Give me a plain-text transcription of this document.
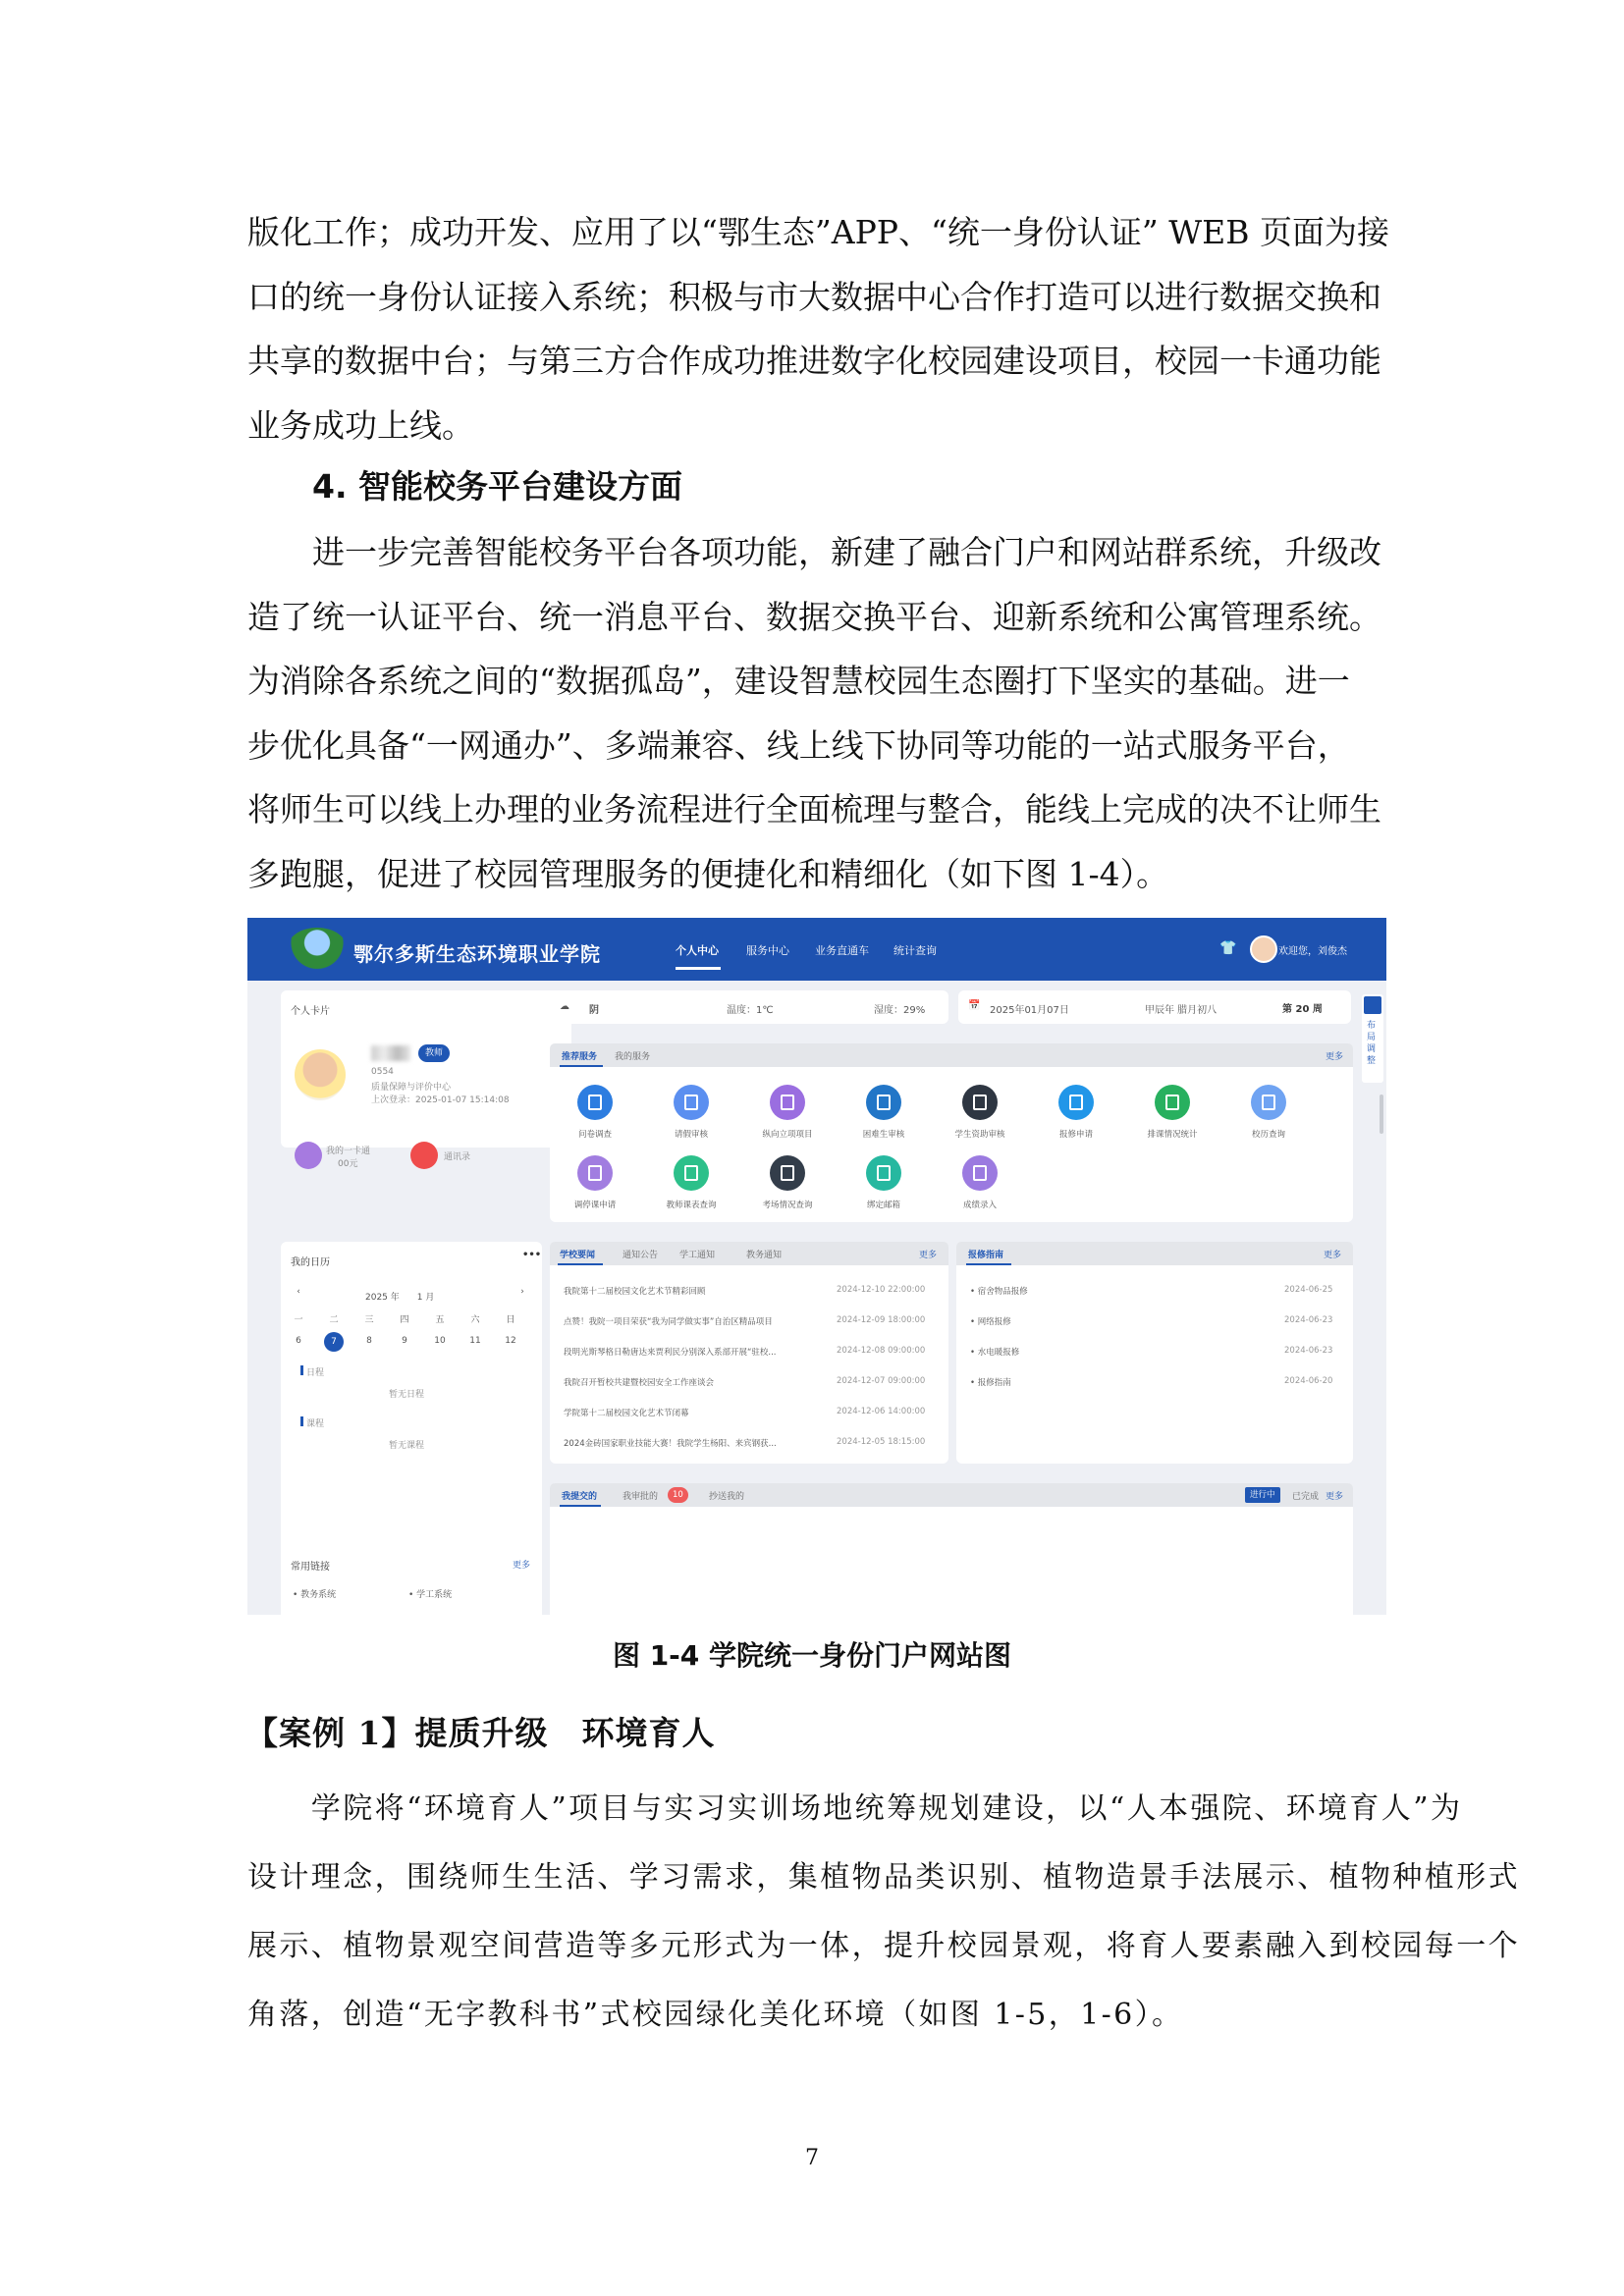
版化工作；成功开发、应用了以“鄂生态”APP、“统一身份认证” WEB 页面为接
口的统一身份认证接入系统；积极与市大数据中心合作打造可以进行数据交换和
共享的数据中台；与第三方合作成功推进数字化校园建设项目，校园一卡通功能
业务成功上线。

4. 智能校务平台建设方面

　　进一步完善智能校务平台各项功能，新建了融合门户和网站群系统，升级改
造了统一认证平台、统一消息平台、数据交换平台、迎新系统和公寓管理系统。
为消除各系统之间的“数据孤岛”，建设智慧校园生态圈打下坚实的基础。进一
步优化具备“一网通办”、多端兼容、线上线下协同等功能的一站式服务平台，
将师生可以线上办理的业务流程进行全面梳理与整合，能线上完成的决不让师生
多跑腿，促进了校园管理服务的便捷化和精细化（如下图 1-4）。

鄂尔多斯生态环境职业学院	个人中心	服务中心 业务直通车 统计查询	👕	欢迎您，刘俊杰
个人卡片
教师
0554
质量保障与评价中心
上次登录：2025-01-07 15:14:08
我的一卡通
00元
通讯录
☁ 阴	温度：1℃	湿度：29%	📅 2025年01月07日	甲辰年 腊月初八	第 20 周
布局调整
推荐服务 我的服务	更多
问卷调查	请假审核	纵向立项项目	困难生审核	学生资助审核	报修申请	排课情况统计	校历查询
调停课申请	教师课表查询	考场情况查询	绑定邮箱	成绩录入
我的日历
•••
‹
2025 年　　1 月
›
一	二	三	四	五	六	日
6	7	8	9	10	11	12
日程
暂无日程
课程
暂无课程
常用链接	更多
• 教务系统	• 学工系统
学校要闻	通知公告 学工通知	教务通知	更多
我院第十二届校园文化艺术节精彩回顾	2024-12-10 22:00:00
点赞！我院一项目荣获“我为同学做实事”自治区精品项目	2024-12-09 18:00:00
段明光斯琴格日勒唐达来贾利民分别深入系部开展“驻校...	2024-12-08 09:00:00
我院召开暂校共建暨校园安全工作座谈会	2024-12-07 09:00:00
学院第十二届校园文化艺术节闭幕	2024-12-06 14:00:00
2024金砖国家职业技能大赛！我院学生杨阳、来宾钢获...	2024-12-05 18:15:00
报修指南	更多
• 宿舍物品报修	2024-06-25
• 网络报修	2024-06-23
• 水电暖报修	2024-06-23
• 报修指南	2024-06-20
我提交的	我审批的	10	抄送我的	进行中	已完成 更多
图 1-4 学院统一身份门户网站图
【案例 1】提质升级　环境育人
　　学院将“环境育人”项目与实习实训场地统筹规划建设，以“人本强院、环境育人”为
设计理念，围绕师生生活、学习需求，集植物品类识别、植物造景手法展示、植物种植形式
展示、植物景观空间营造等多元形式为一体，提升校园景观，将育人要素融入到校园每一个
角落，创造“无字教科书”式校园绿化美化环境（如图 1-5，1-6）。
7
